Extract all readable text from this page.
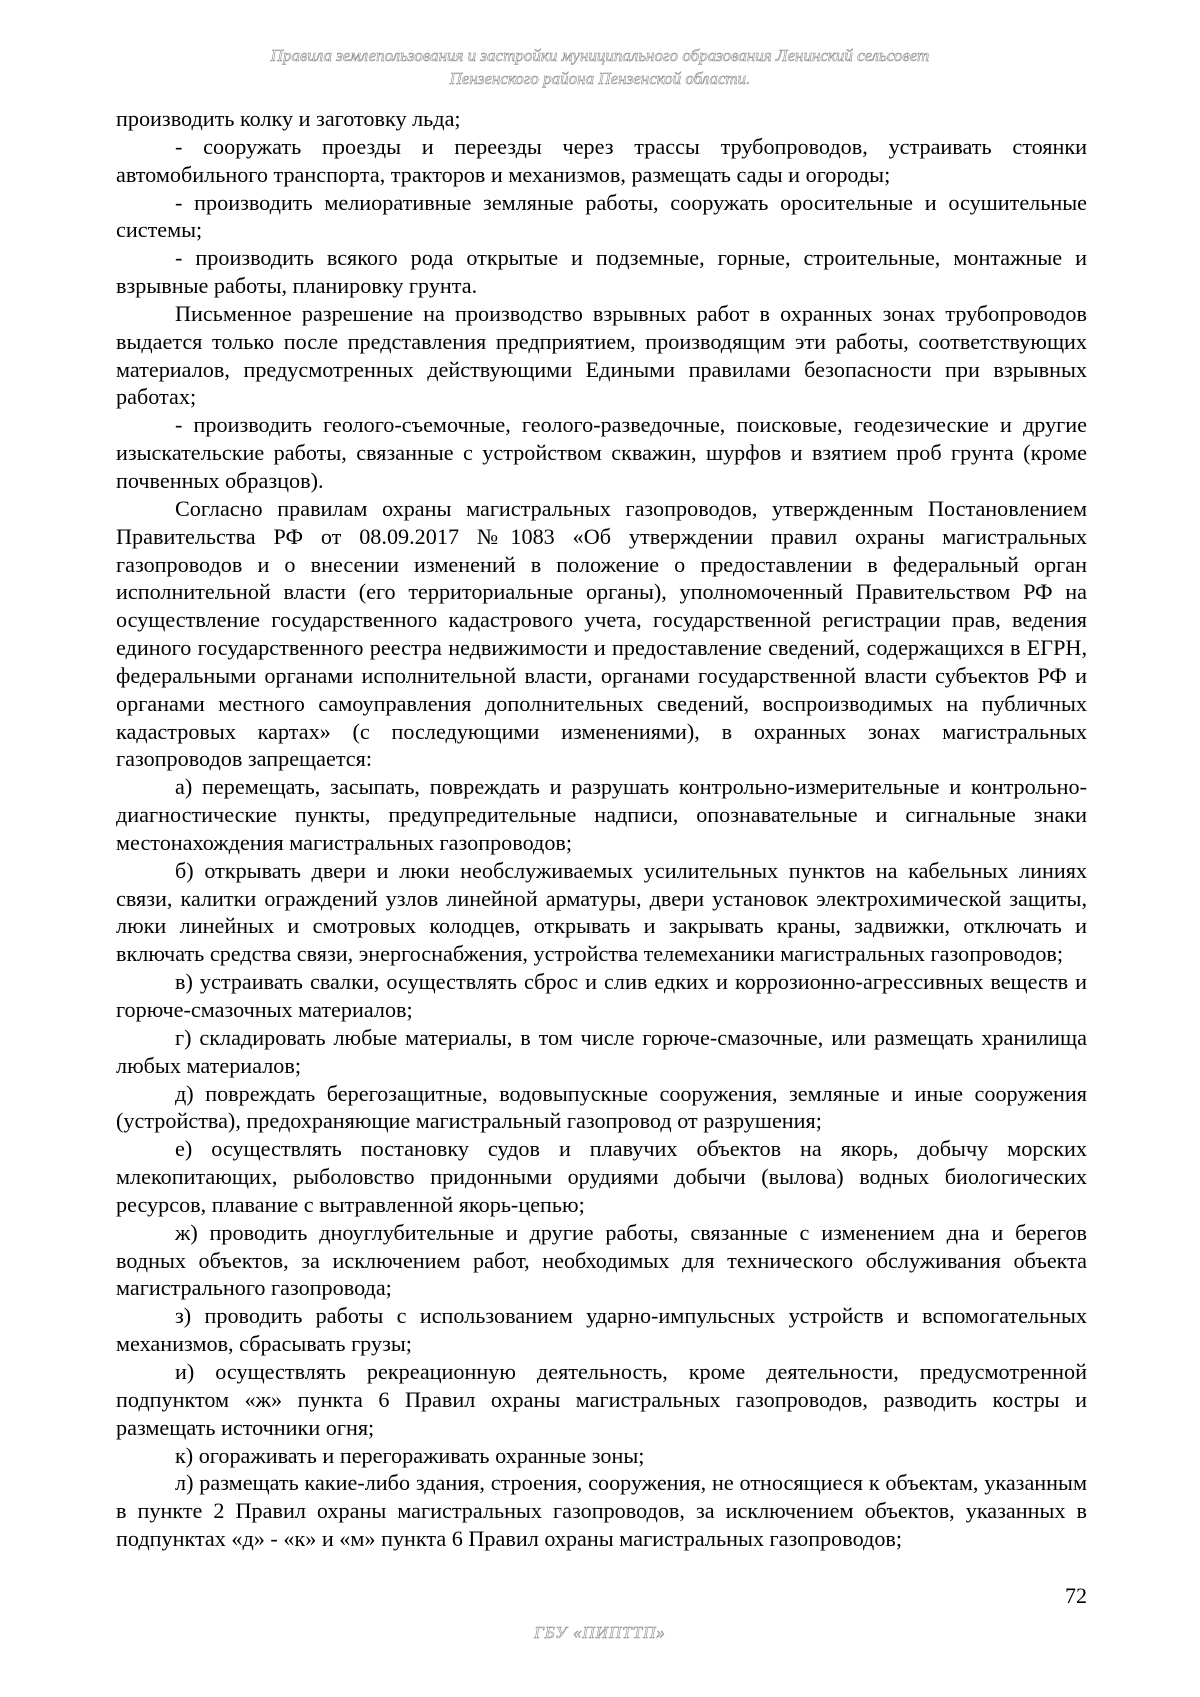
Правила землепользования и застройки муниципального образования Ленинский сельсовет
Пензенского района Пензенской области.

производить колку и заготовку льда;

- сооружать проезды и переезды через трассы трубопроводов, устраивать стоянки автомобильного транспорта, тракторов и механизмов, размещать сады и огороды;

- производить мелиоративные земляные работы, сооружать оросительные и осушительные системы;

- производить всякого рода открытые и подземные, горные, строительные, монтажные и взрывные работы, планировку грунта.

Письменное разрешение на производство взрывных работ в охранных зонах трубопроводов выдается только после представления предприятием, производящим эти работы, соответствующих материалов, предусмотренных действующими Едиными правилами безопасности при взрывных работах;

- производить геолого-съемочные, геолого-разведочные, поисковые, геодезические и другие изыскательские работы, связанные с устройством скважин, шурфов и взятием проб грунта (кроме почвенных образцов).

Согласно правилам охраны магистральных газопроводов, утвержденным Постановлением Правительства РФ от 08.09.2017 №1083 «Об утверждении правил охраны магистральных газопроводов и о внесении изменений в положение о предоставлении в федеральный орган исполнительной власти (его территориальные органы), уполномоченный Правительством РФ на осуществление государственного кадастрового учета, государственной регистрации прав, ведения единого государственного реестра недвижимости и предоставление сведений, содержащихся в ЕГРН, федеральными органами исполнительной власти, органами государственной власти субъектов РФ и органами местного самоуправления дополнительных сведений, воспроизводимых на публичных кадастровых картах» (с последующими изменениями), в охранных зонах магистральных газопроводов запрещается:

а) перемещать, засыпать, повреждать и разрушать контрольно-измерительные и контрольно-диагностические пункты, предупредительные надписи, опознавательные и сигнальные знаки местонахождения магистральных газопроводов;

б) открывать двери и люки необслуживаемых усилительных пунктов на кабельных линиях связи, калитки ограждений узлов линейной арматуры, двери установок электрохимической защиты, люки линейных и смотровых колодцев, открывать и закрывать краны, задвижки, отключать и включать средства связи, энергоснабжения, устройства телемеханики магистральных газопроводов;

в) устраивать свалки, осуществлять сброс и слив едких и коррозионно-агрессивных веществ и горюче-смазочных материалов;

г) складировать любые материалы, в том числе горюче-смазочные, или размещать хранилища любых материалов;

д) повреждать берегозащитные, водовыпускные сооружения, земляные и иные сооружения (устройства), предохраняющие магистральный газопровод от разрушения;

е) осуществлять постановку судов и плавучих объектов на якорь, добычу морских млекопитающих, рыболовство придонными орудиями добычи (вылова) водных биологических ресурсов, плавание с вытравленной якорь-цепью;

ж) проводить дноуглубительные и другие работы, связанные с изменением дна и берегов водных объектов, за исключением работ, необходимых для технического обслуживания объекта магистрального газопровода;

з) проводить работы с использованием ударно-импульсных устройств и вспомогательных механизмов, сбрасывать грузы;

и) осуществлять рекреационную деятельность, кроме деятельности, предусмотренной подпунктом «ж» пункта 6 Правил охраны магистральных газопроводов, разводить костры и размещать источники огня;

к) огораживать и перегораживать охранные зоны;

л) размещать какие-либо здания, строения, сооружения, не относящиеся к объектам, указанным в пункте 2 Правил охраны магистральных газопроводов, за исключением объектов, указанных в подпунктах «д» - «к» и «м» пункта 6 Правил охраны магистральных газопроводов;

72
ГБУ «ПИПТТП»
